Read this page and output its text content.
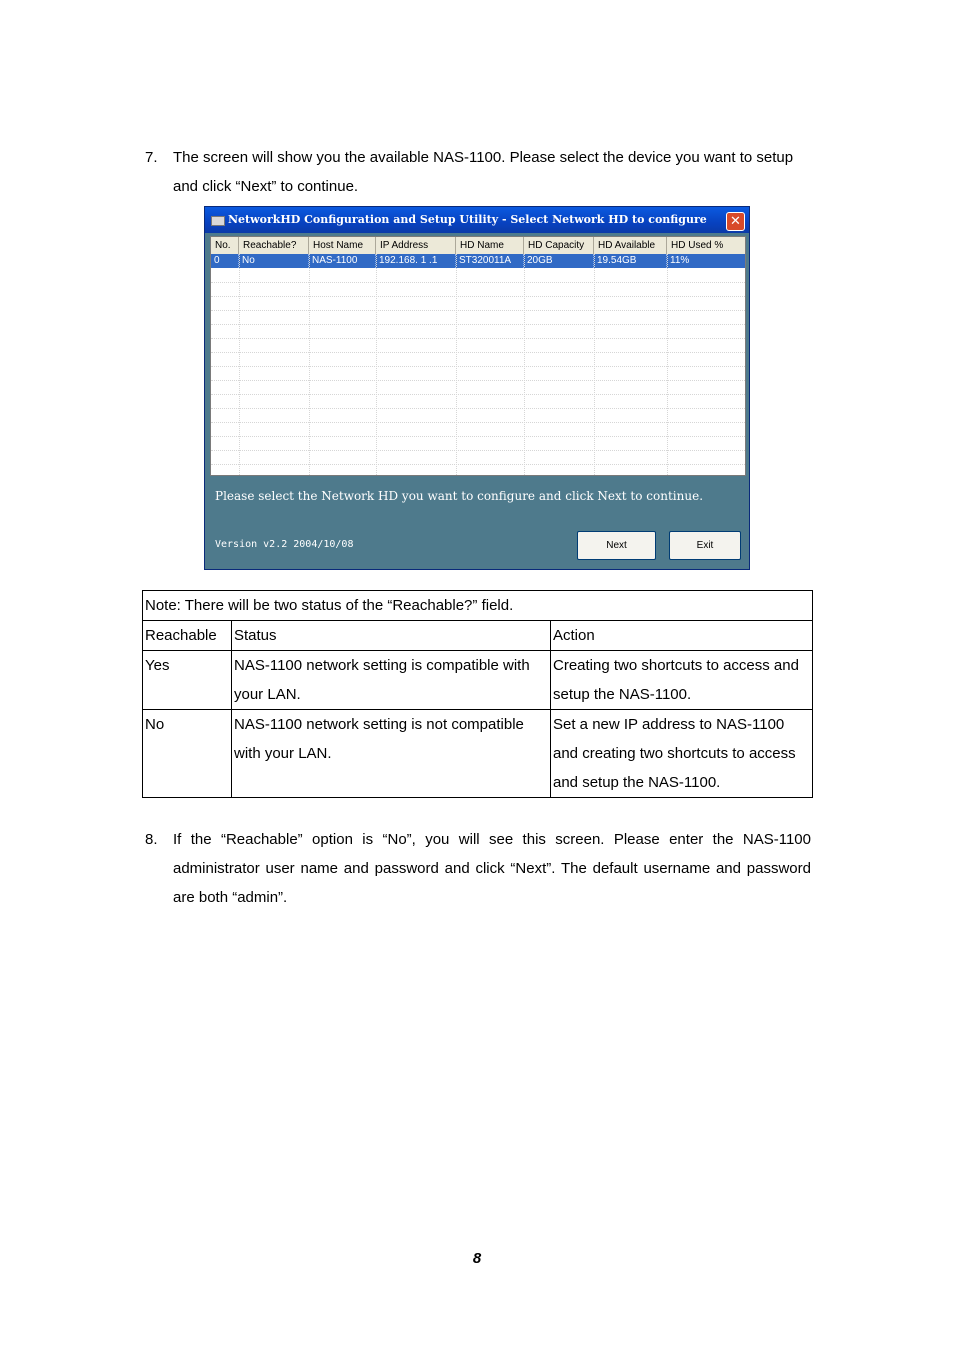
7. The screen will show you the available NAS-1100. Please select the device you want to setup and click “Next” to continue.
NetworkHD Configuration and Setup Utility - Select Network HD to configure	✕
No.	Reachable?	Host Name	IP Address	HD Name	HD Capacity	HD Available	HD Used %
0	No	NAS-1100	192.168. 1 .1	ST320011A	20GB	19.54GB	11%
Please select the Network HD you want to configure and click Next to continue.
Version v2.2 2004/10/08	Next	Exit
Note: There will be two status of the “Reachable?” field.		
Reachable	Status	Action
Yes	NAS-1100 network setting is compatible with your LAN.	Creating two shortcuts to access and setup the NAS-1100.
No	NAS-1100 network setting is not compatible with your LAN.	Set a new IP address to NAS-1100 and creating two shortcuts to access and setup the NAS-1100.
8. If the “Reachable” option is “No”, you will see this screen. Please enter the NAS-1100 administrator user name and password and click “Next”. The default username and password are both “admin”.
8
